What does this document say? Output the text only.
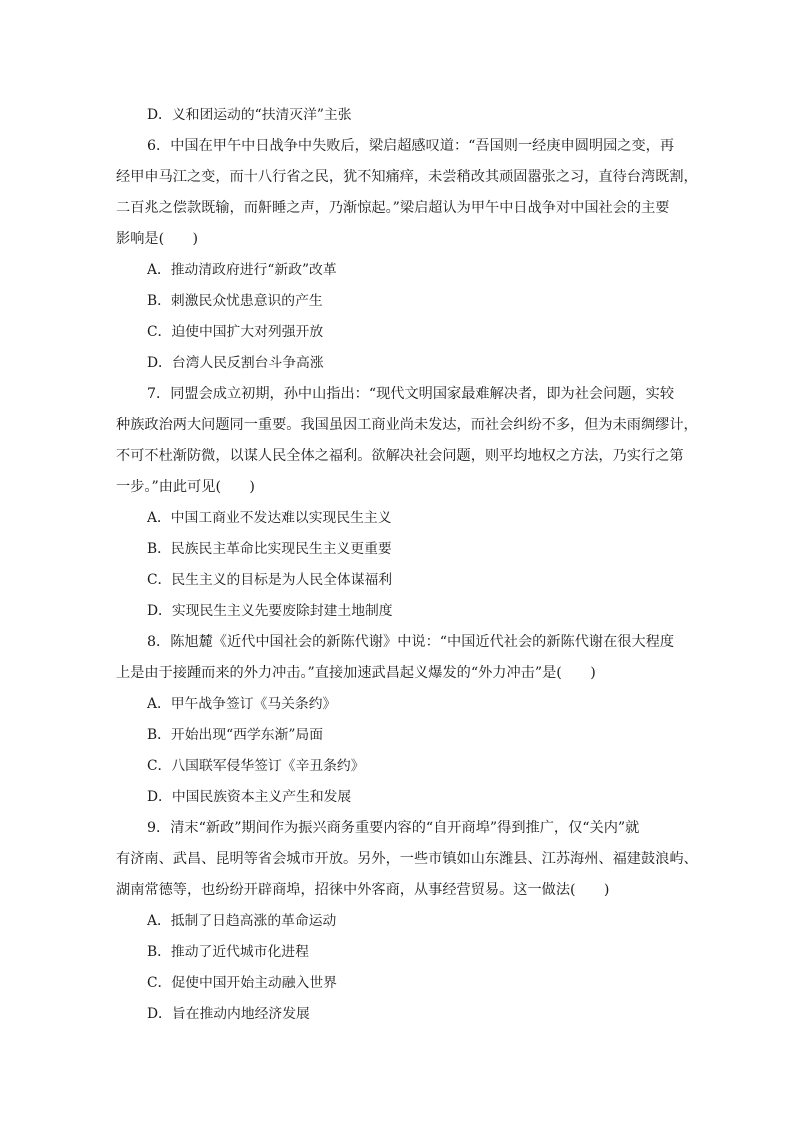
D．义和团运动的“扶清灭洋”主张
6．中国在甲午中日战争中失败后，梁启超感叹道：“吾国则一经庚申圆明园之变，再
经甲申马江之变，而十八行省之民，犹不知痛痒，未尝稍改其顽固嚣张之习，直待台湾既割，
二百兆之偿款既输，而鼾睡之声，乃渐惊起。”梁启超认为甲午中日战争对中国社会的主要
影响是(　　)
A．推动清政府进行“新政”改革
B．刺激民众忧患意识的产生
C．迫使中国扩大对列强开放
D．台湾人民反割台斗争高涨
7．同盟会成立初期，孙中山指出：“现代文明国家最难解决者，即为社会问题，实较
种族政治两大问题同一重要。我国虽因工商业尚未发达，而社会纠纷不多，但为未雨绸缪计，
不可不杜渐防微，以谋人民全体之福利。欲解决社会问题，则平均地权之方法，乃实行之第
一步。”由此可见(　　)
A．中国工商业不发达难以实现民生主义
B．民族民主革命比实现民生主义更重要
C．民生主义的目标是为人民全体谋福利
D．实现民生主义先要废除封建土地制度
8．陈旭麓《近代中国社会的新陈代谢》中说：“中国近代社会的新陈代谢在很大程度
上是由于接踵而来的外力冲击。”直接加速武昌起义爆发的“外力冲击”是(　　)
A．甲午战争签订《马关条约》
B．开始出现“西学东渐”局面
C．八国联军侵华签订《辛丑条约》
D．中国民族资本主义产生和发展
9．清末“新政”期间作为振兴商务重要内容的“自开商埠”得到推广，仅“关内”就
有济南、武昌、昆明等省会城市开放。另外，一些市镇如山东潍县、江苏海州、福建鼓浪屿、
湖南常德等，也纷纷开辟商埠，招徕中外客商，从事经营贸易。这一做法(　　)
A．抵制了日趋高涨的革命运动
B．推动了近代城市化进程
C．促使中国开始主动融入世界
D．旨在推动内地经济发展
